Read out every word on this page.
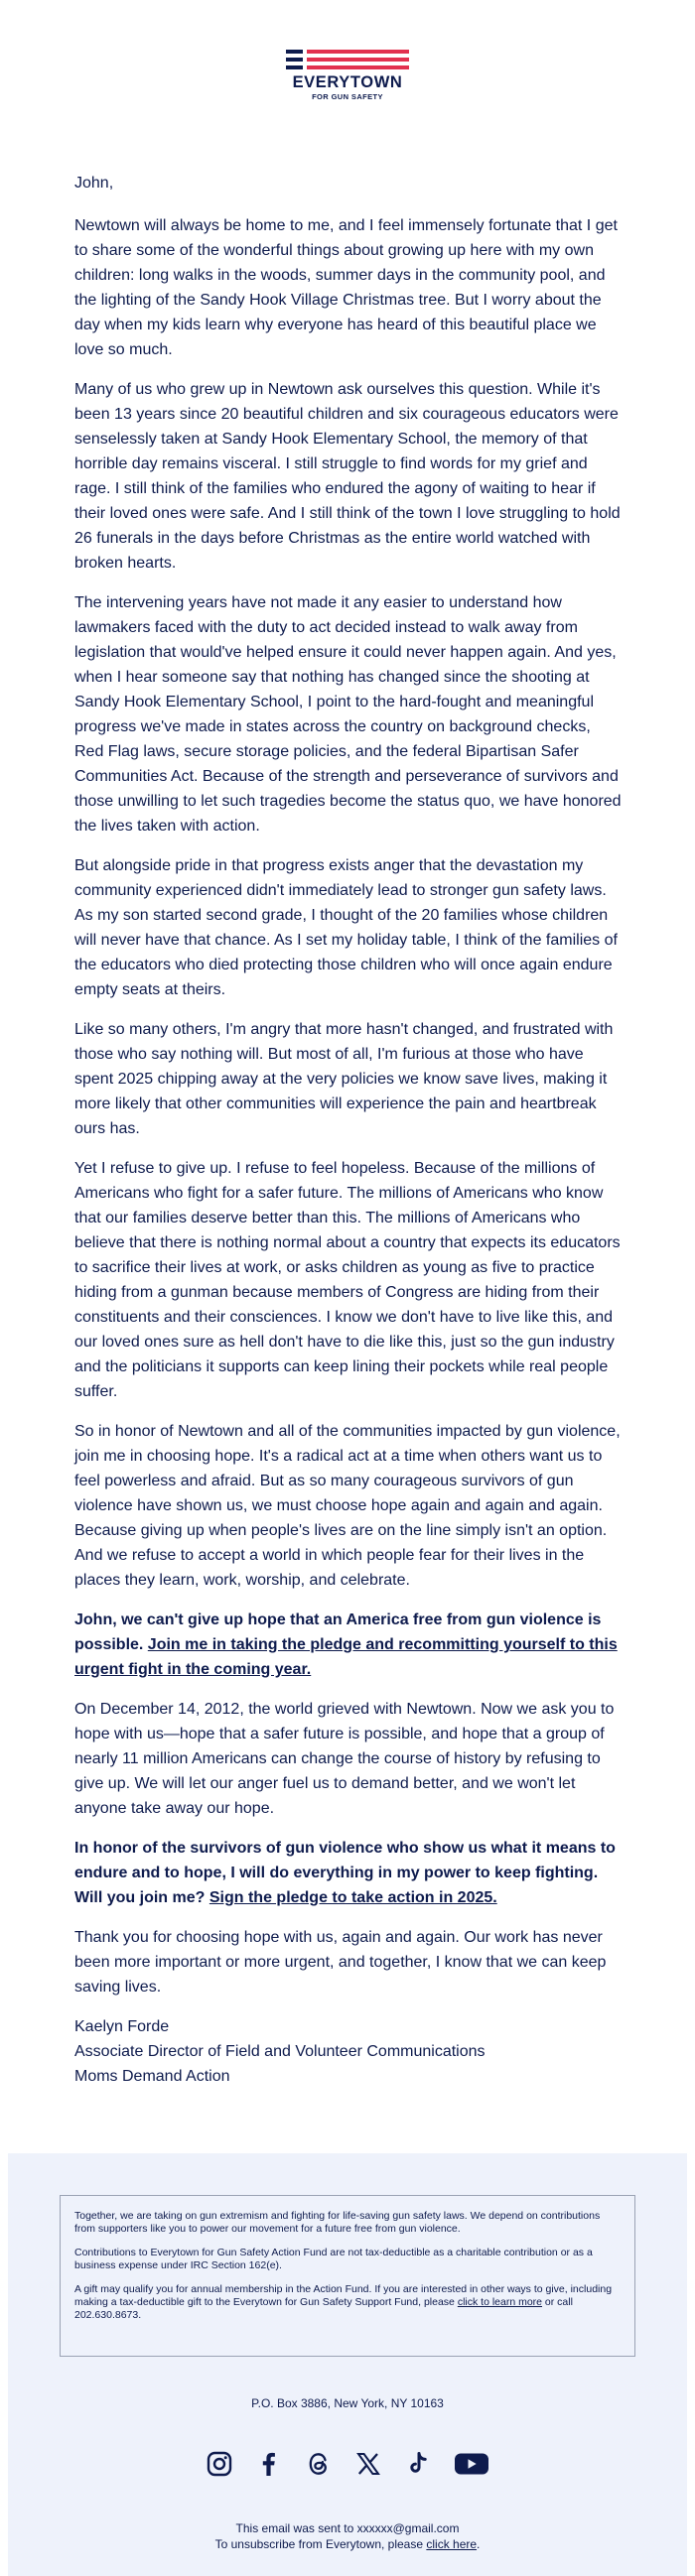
EVERYTOWN
FOR GUN SAFETY

John,

Newtown will always be home to me, and I feel immensely fortunate that I get to share some of the wonderful things about growing up here with my own children: long walks in the woods, summer days in the community pool, and the lighting of the Sandy Hook Village Christmas tree. But I worry about the day when my kids learn why everyone has heard of this beautiful place we love so much.

Many of us who grew up in Newtown ask ourselves this question. While it's been 13 years since 20 beautiful children and six courageous educators were senselessly taken at Sandy Hook Elementary School, the memory of that horrible day remains visceral. I still struggle to find words for my grief and rage. I still think of the families who endured the agony of waiting to hear if their loved ones were safe. And I still think of the town I love struggling to hold 26 funerals in the days before Christmas as the entire world watched with broken hearts.

The intervening years have not made it any easier to understand how lawmakers faced with the duty to act decided instead to walk away from legislation that would've helped ensure it could never happen again. And yes, when I hear someone say that nothing has changed since the shooting at Sandy Hook Elementary School, I point to the hard-fought and meaningful progress we've made in states across the country on background checks, Red Flag laws, secure storage policies, and the federal Bipartisan Safer Communities Act. Because of the strength and perseverance of survivors and those unwilling to let such tragedies become the status quo, we have honored the lives taken with action.

But alongside pride in that progress exists anger that the devastation my community experienced didn't immediately lead to stronger gun safety laws. As my son started second grade, I thought of the 20 families whose children will never have that chance. As I set my holiday table, I think of the families of the educators who died protecting those children who will once again endure empty seats at theirs.

Like so many others, I'm angry that more hasn't changed, and frustrated with those who say nothing will. But most of all, I'm furious at those who have spent 2025 chipping away at the very policies we know save lives, making it more likely that other communities will experience the pain and heartbreak ours has.

Yet I refuse to give up. I refuse to feel hopeless. Because of the millions of Americans who fight for a safer future. The millions of Americans who know that our families deserve better than this. The millions of Americans who believe that there is nothing normal about a country that expects its educators to sacrifice their lives at work, or asks children as young as five to practice hiding from a gunman because members of Congress are hiding from their constituents and their consciences. I know we don't have to live like this, and our loved ones sure as hell don't have to die like this, just so the gun industry and the politicians it supports can keep lining their pockets while real people suffer.

So in honor of Newtown and all of the communities impacted by gun violence, join me in choosing hope. It's a radical act at a time when others want us to feel powerless and afraid. But as so many courageous survivors of gun violence have shown us, we must choose hope again and again and again. Because giving up when people's lives are on the line simply isn't an option. And we refuse to accept a world in which people fear for their lives in the places they learn, work, worship, and celebrate.

John, we can't give up hope that an America free from gun violence is possible. Join me in taking the pledge and recommitting yourself to this urgent fight in the coming year.

On December 14, 2012, the world grieved with Newtown. Now we ask you to hope with us—hope that a safer future is possible, and hope that a group of nearly 11 million Americans can change the course of history by refusing to give up. We will let our anger fuel us to demand better, and we won't let anyone take away our hope.

In honor of the survivors of gun violence who show us what it means to endure and to hope, I will do everything in my power to keep fighting. Will you join me? Sign the pledge to take action in 2025.

Thank you for choosing hope with us, again and again. Our work has never been more important or more urgent, and together, I know that we can keep saving lives.

Kaelyn Forde
Associate Director of Field and Volunteer Communications
Moms Demand Action

Together, we are taking on gun extremism and fighting for life-saving gun safety laws. We depend on contributions from supporters like you to power our movement for a future free from gun violence.

Contributions to Everytown for Gun Safety Action Fund are not tax-deductible as a charitable contribution or as a business expense under IRC Section 162(e).

A gift may qualify you for annual membership in the Action Fund. If you are interested in other ways to give, including making a tax-deductible gift to the Everytown for Gun Safety Support Fund, please click to learn more or call 202.630.8673.

P.O. Box 3886, New York, NY 10163
This email was sent to xxxxxx@gmail.com
To unsubscribe from Everytown, please click here.
